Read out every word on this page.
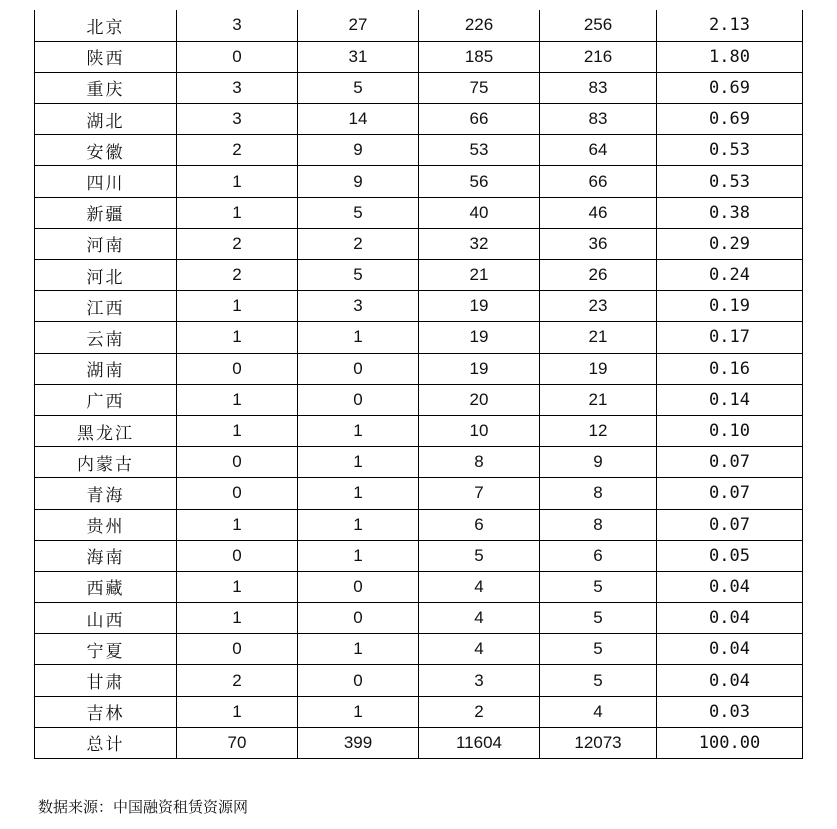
北京	3	27	226	256	2.13
陕西	0	31	185	216	1.80
重庆	3	5	75	83	0.69
湖北	3	14	66	83	0.69
安徽	2	9	53	64	0.53
四川	1	9	56	66	0.53
新疆	1	5	40	46	0.38
河南	2	2	32	36	0.29
河北	2	5	21	26	0.24
江西	1	3	19	23	0.19
云南	1	1	19	21	0.17
湖南	0	0	19	19	0.16
广西	1	0	20	21	0.14
黑龙江	1	1	10	12	0.10
内蒙古	0	1	8	9	0.07
青海	0	1	7	8	0.07
贵州	1	1	6	8	0.07
海南	0	1	5	6	0.05
西藏	1	0	4	5	0.04
山西	1	0	4	5	0.04
宁夏	0	1	4	5	0.04
甘肃	2	0	3	5	0.04
吉林	1	1	2	4	0.03
总计	70	399	11604	12073	100.00
数据来源：中国融资租赁资源网
